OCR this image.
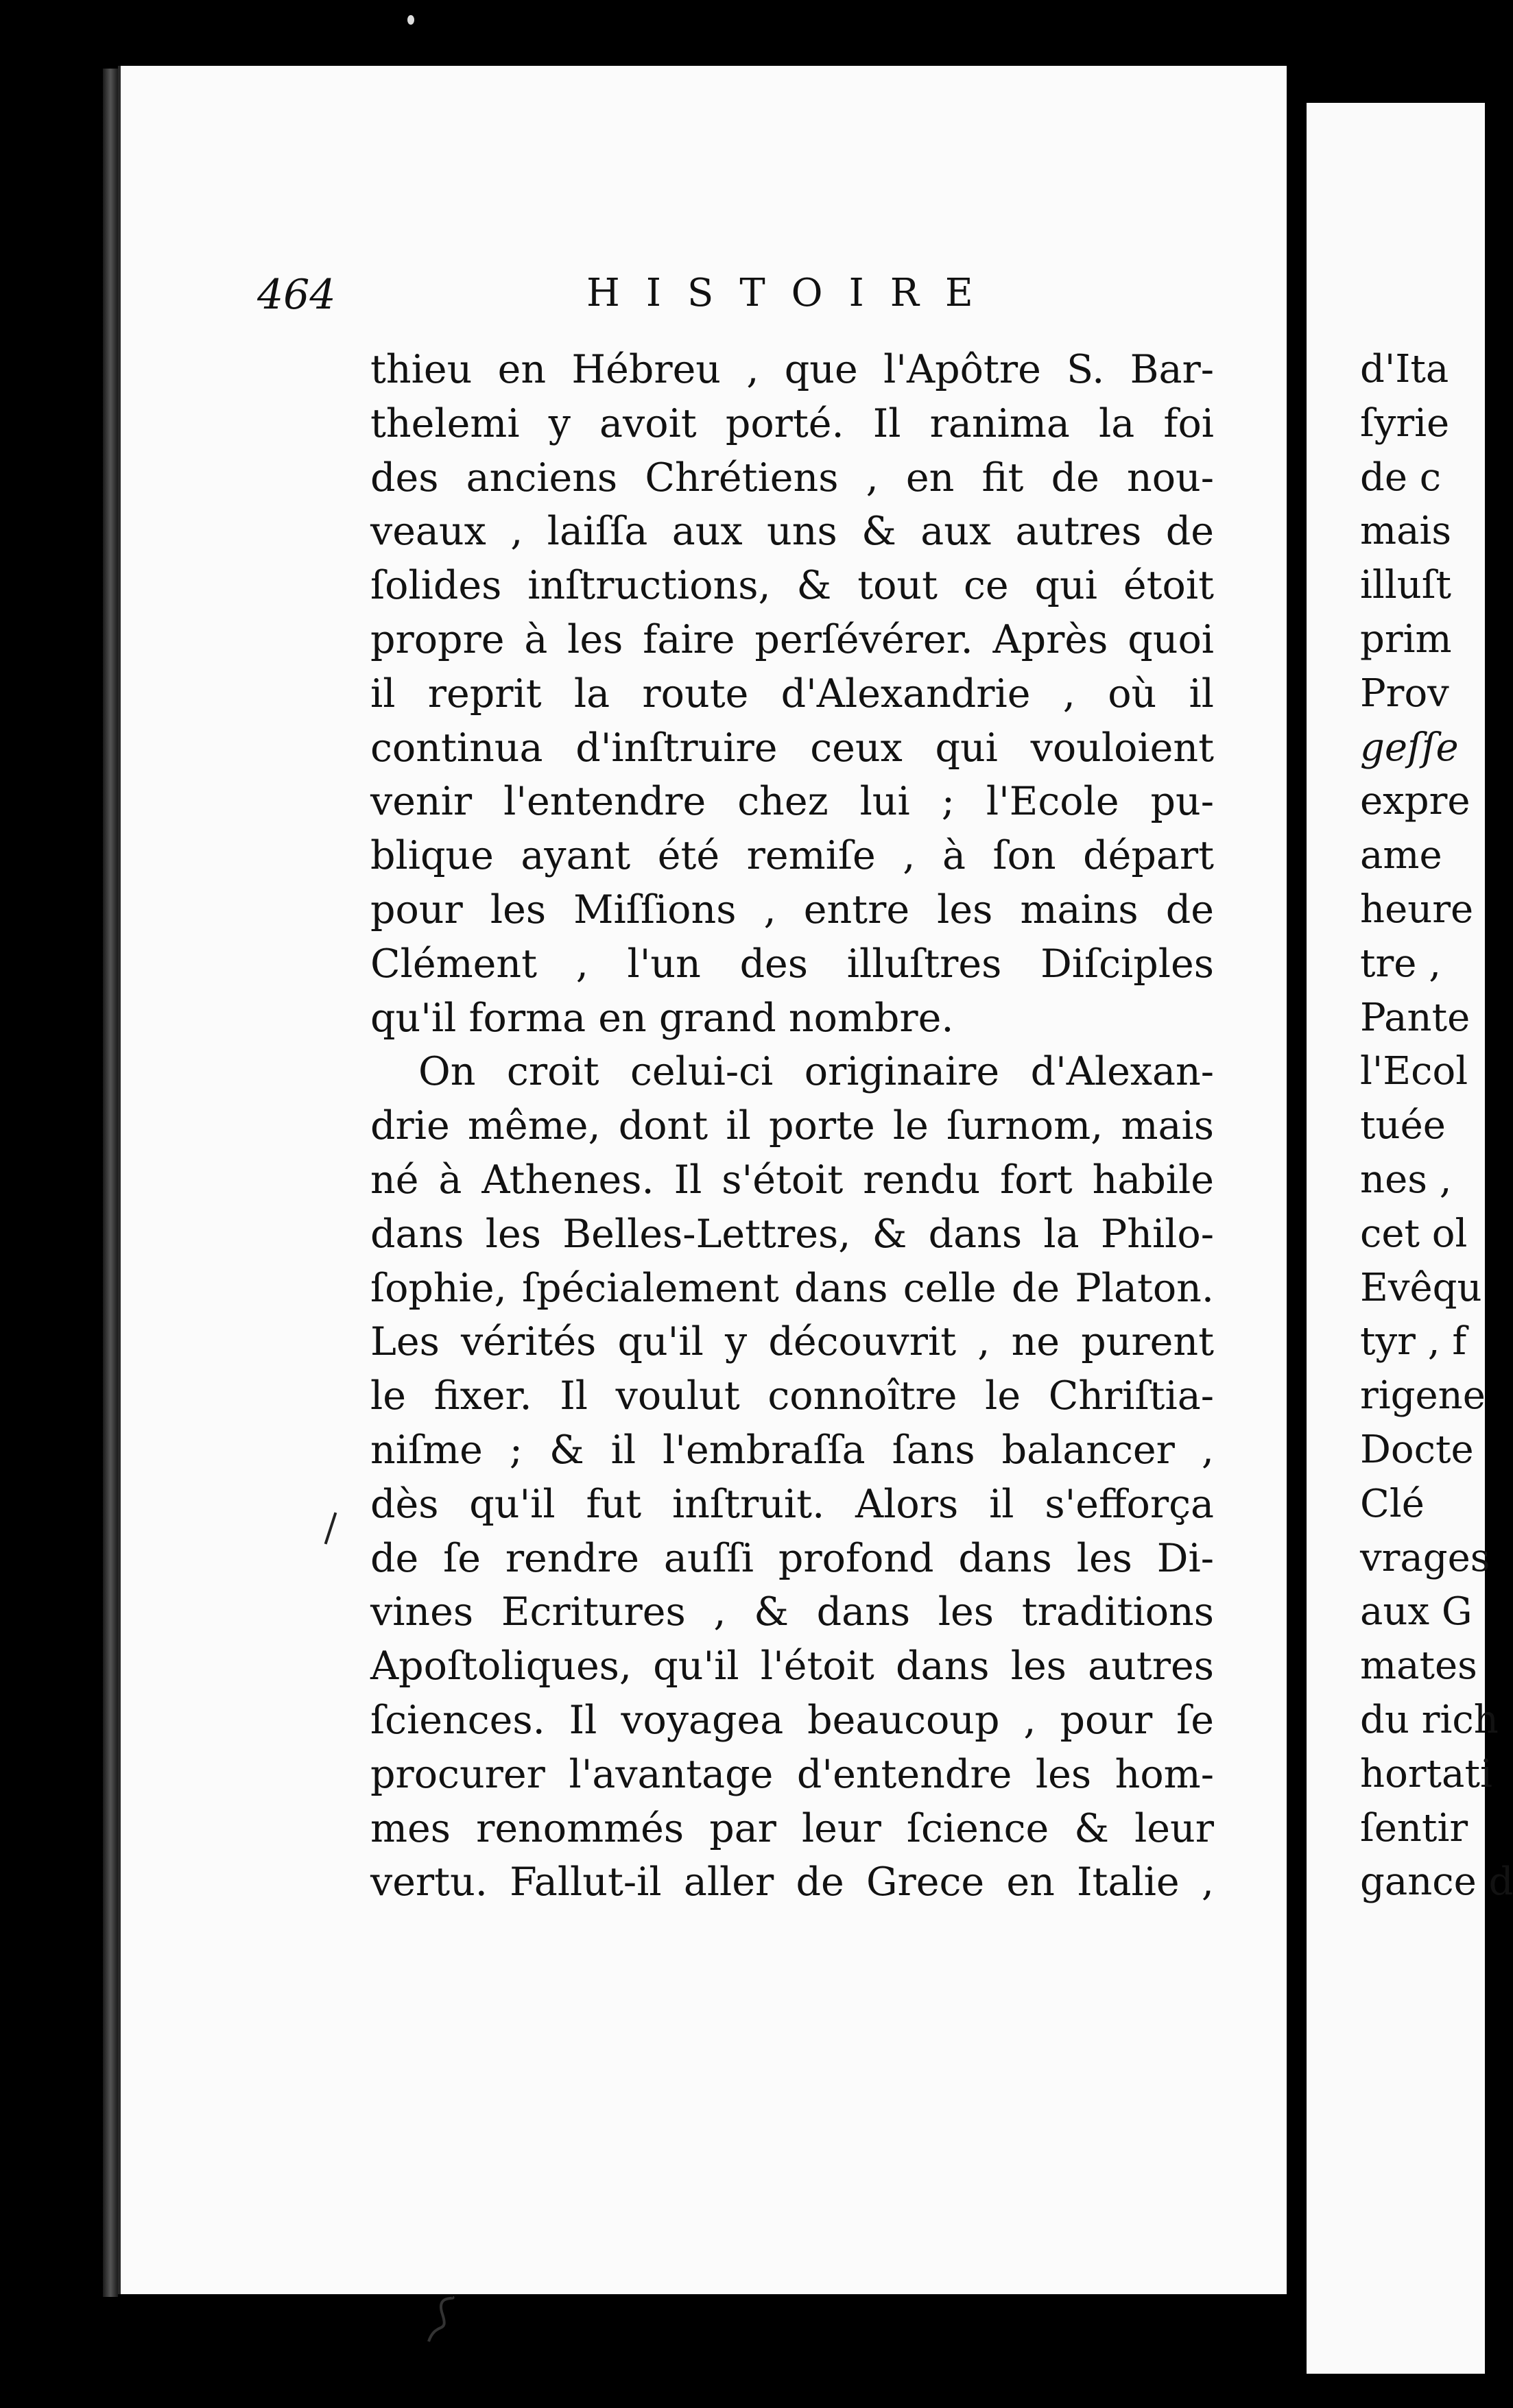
464	HISTOIRE
thieu en Hébreu , que l'Apôtre S. Bar-
thelemi y avoit porté. Il ranima la foi
des anciens Chrétiens , en fit de nou-
veaux , laiſſa aux uns & aux autres de
ſolides inſtructions, & tout ce qui étoit
propre à les faire perſévérer. Après quoi
il reprit la route d'Alexandrie , où il
continua d'inſtruire ceux qui vouloient
venir l'entendre chez lui ; l'Ecole pu-
blique ayant été remiſe , à ſon départ
pour les Miſſions , entre les mains de
Clément , l'un des illuſtres Diſciples
qu'il forma en grand nombre.
On croit celui-ci originaire d'Alexan-
drie même, dont il porte le ſurnom, mais
né à Athenes. Il s'étoit rendu fort habile
dans les Belles-Lettres, & dans la Philo-
ſophie, ſpécialement dans celle de Platon.
Les vérités qu'il y découvrit , ne purent
le fixer. Il voulut connoître le Chriſtia-
niſme ; & il l'embraſſa ſans balancer ,
dès qu'il fut inſtruit. Alors il s'efforça
de ſe rendre auſſi profond dans les Di-
vines Ecritures , & dans les traditions
Apoſtoliques, qu'il l'étoit dans les autres
ſciences. Il voyagea beaucoup , pour ſe
procurer l'avantage d'entendre les hom-
mes renommés par leur ſcience & leur
vertu. Fallut-il aller de Grece en Italie ,
d'Ita
ſyrie
de c
mais
illuſt
prim
Prov
geſſe
expre
ame
heure
tre ,
Pante
l'Ecol
tuée
nes ,
cet ol
Evêqu
tyr , f
rigene
Docte
Clé
vrages
aux G
mates
du rich
hortati
ſentir
gance d
